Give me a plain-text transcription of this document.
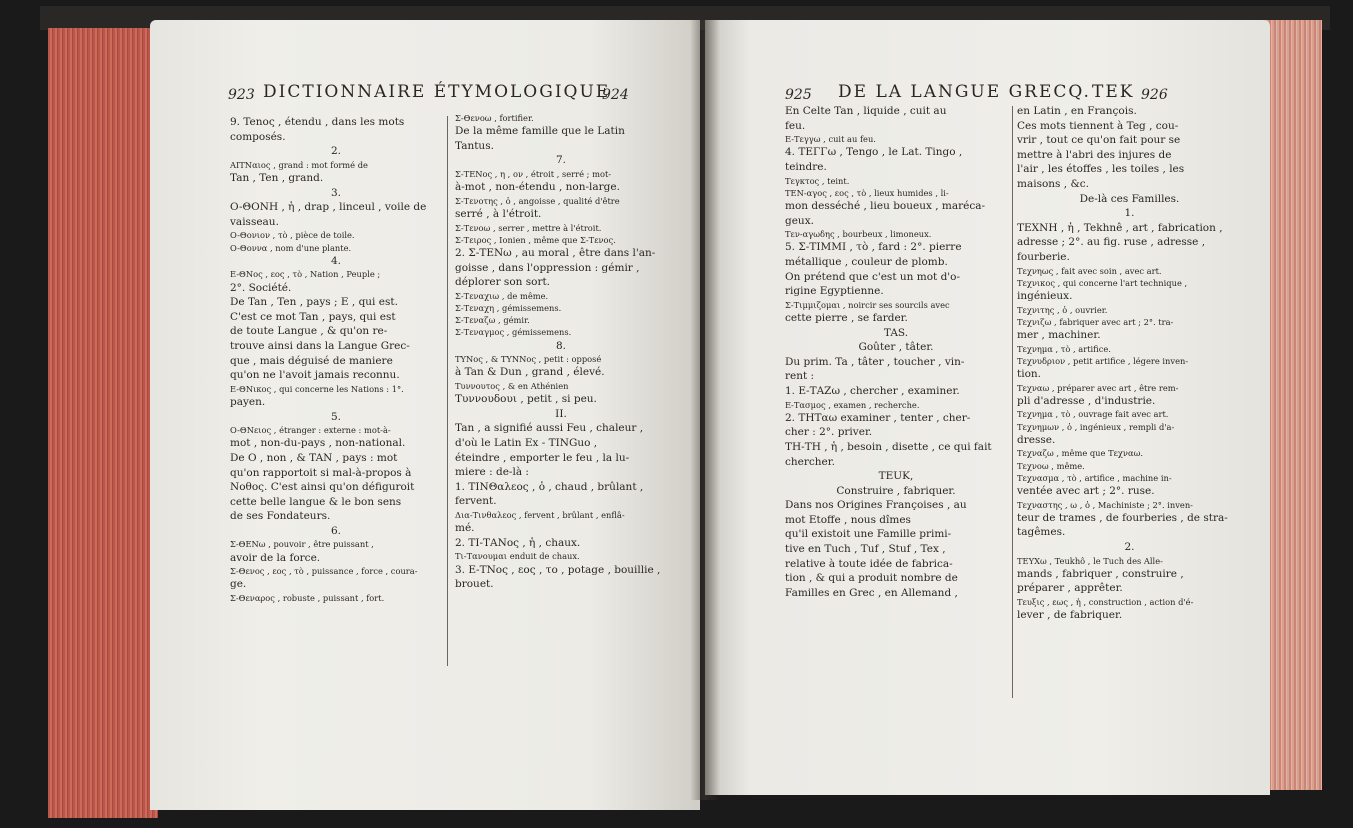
923 DICTIONNAIRE ÉTYMOLOGIQUE
924
9. Tenος , étendu , dans les mots
composés.
2.
AΙΤΝαιος , grand : mot formé de
Tan , Ten , grand.
3.
O-ΘΟΝΗ , ἡ , drap , linceul , voile de
vaisseau.
O-Θονιον , τὸ , pièce de toile.
O-Θοννα , nom d'une plante.
4.
E-ΘΝος , εος , τὸ , Nation , Peuple ;
2°. Société.
De Tan , Ten , pays ; E , qui est.
C'est ce mot Tan , pays, qui est
de toute Langue , & qu'on re-
trouve ainsi dans la Langue Grec-
que , mais déguisé de maniere
qu'on ne l'avoit jamais reconnu.
E-ΘΝικος , qui concerne les Nations : 1°.
payen.
5.
O-ΘΝειος , étranger : externe : mot-à-
mot , non-du-pays , non-national.
De O , non , & TAN , pays : mot
qu'on rapportoit si mal-à-propos à
Νοθος. C'est ainsi qu'on défiguroit
cette belle langue & le bon sens
de ses Fondateurs.
6.
Σ-ΘΕΝω , pouvoir , être puissant ,
avoir de la force.
Σ-Θενος , εος , τὸ , puissance , force , coura-
ge.
Σ-Θεναρος , robuste , puissant , fort.
Σ-Θενοω , fortifier.
De la même famille que le Latin
Tantus.
7.
Σ-ΤΕΝος , η , ον , étroit , serré ; mot-
à-mot , non-étendu , non-large.
Σ-Τενοτης , ὁ , angoisse , qualité d'être
serré , à l'étroit.
Σ-Τενοω , serrer , mettre à l'étroit.
Σ-Τειρος , Ionien , même que Σ-Τενος.
2. Σ-ΤΕΝω , au moral , être dans l'an-
goisse , dans l'oppression : gémir ,
déplorer son sort.
Σ-Τεναχιω , de même.
Σ-Τεναχη , gémissemens.
Σ-Τεναζω , gémir.
Σ-Τεναγμος , gémissemens.
8.
ΤΥΝος , & ΤΥΝΝος , petit : opposé
à Tan & Dun , grand , élevé.
Τυννουτος , & en Athénien
Τυννουδουι , petit , si peu.
II.
Tan , a signifié aussi Feu , chaleur ,
d'où le Latin Ex - TINGuo ,
éteindre , emporter le feu , la lu-
miere : de-là :
1. ΤΙΝΘαλεος , ὁ , chaud , brûlant ,
fervent.
Δια-Τινθαλεος , fervent , brûlant , enflâ-
mé.
2. ΤΙ-ΤΑΝος , ἡ , chaux.
Τι-Τανουμαι enduit de chaux.
3. Ε-ΤΝος , εος , το , potage , bouillie ,
brouet.
925 DE LA LANGUE GRECQ. TEK 926
En Celte Tan , liquide , cuit au
feu.
E-Τεγγω , cuit au feu.
4. ΤΕΓΓω , Tengo , le Lat. Tingo ,
teindre.
Τεγκτος , teint.
ΤΕΝ-αγος , εος , τὸ , lieux humides , li-
mon desséché , lieu boueux , maréca-
geux.
Τεν-αγωδης , bourbeux , limoneux.
5. Σ-ΤΙΜΜΙ , τὸ , fard : 2°. pierre
métallique , couleur de plomb.
On prétend que c'est un mot d'o-
rigine Egyptienne.
Σ-Τιμμιζομαι , noircir ses sourcils avec
cette pierre , se farder.
TAS.
Goûter , tâter.
Du prim. Ta , tâter , toucher , vin-
rent :
1. Ε-ΤΑΖω , chercher , examiner.
Ε-Τασμος , examen , recherche.
2. ΤΗΤαω examiner , tenter , cher-
cher : 2°. priver.
ΤΗ-ΤΗ , ἡ , besoin , disette , ce qui fait
chercher.
TEUK,
Construire , fabriquer.
Dans nos Origines Françoises , au
mot Etoffe , nous dîmes
qu'il existoit une Famille primi-
tive en Tuch , Tuf , Stuf , Tex ,
relative à toute idée de fabrica-
tion , & qui a produit nombre de
Familles en Grec , en Allemand ,
en Latin , en François.
Ces mots tiennent à Teg , cou-
vrir , tout ce qu'on fait pour se
mettre à l'abri des injures de
l'air , les étoffes , les toiles , les
maisons , &c.
De-là ces Familles.
1.
ΤΕΧΝΗ , ἡ , Tekhnê , art , fabrication ,
adresse ; 2°. au fig. ruse , adresse ,
fourberie.
Τεχνηως , fait avec soin , avec art.
Τεχνικος , qui concerne l'art technique ,
ingénieux.
Τεχνιτης , ὁ , ouvrier.
Τεχνιζω , fabriquer avec art ; 2°. tra-
mer , machiner.
Τεχνημα , τὸ , artifice.
Τεχνυδριον , petit artifice , légere inven-
tion.
Τεχναω , préparer avec art , être rem-
pli d'adresse , d'industrie.
Τεχνημα , τὸ , ouvrage fait avec art.
Τεχνημων , ὁ , ingénieux , rempli d'a-
dresse.
Τεχναζω , même que Τεχναω.
Τεχνοω , même.
Τεχνασμα , τὸ , artifice , machine in-
ventée avec art ; 2°. ruse.
Τεχναστης , ω , ὁ , Machiniste ; 2°. inven-
teur de trames , de fourberies , de stra-
tagêmes.
2.
ΤΕΥΧω , Teukhô , le Tuch des Alle-
mands , fabriquer , construire ,
préparer , apprêter.
Τευξις , εως , ἡ , construction , action d'é-
lever , de fabriquer.
